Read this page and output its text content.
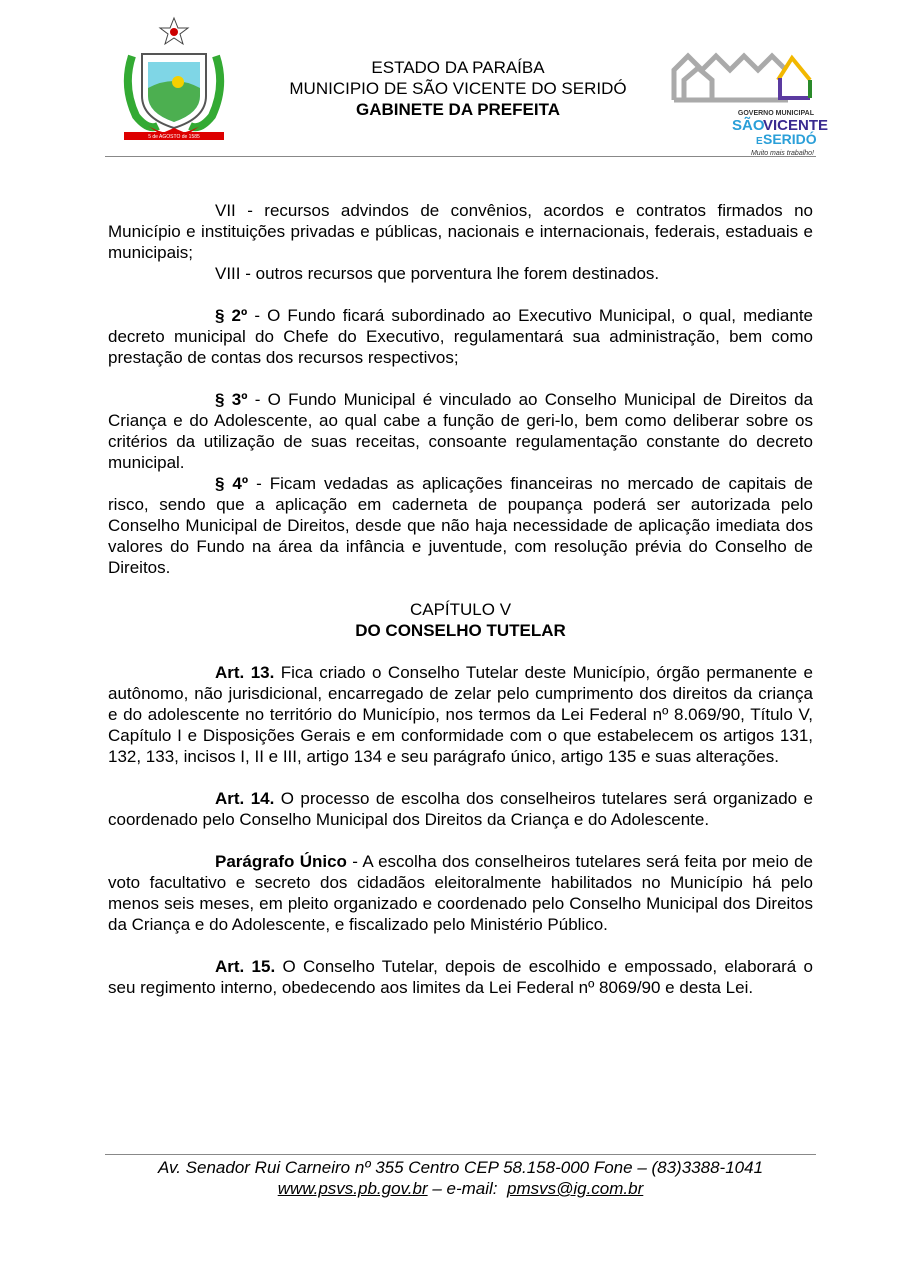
5 de AGOSTO de 1585
ESTADO DA PARAÍBA
MUNICIPIO DE SÃO VICENTE DO SERIDÓ
GABINETE DA PREFEITA	GOVERNO MUNICIPAL
SÃO
VICENTE
E SERIDÓ
Muito mais trabalho!

VII - recursos advindos de convênios, acordos e contratos firmados no Município e instituições privadas e públicas, nacionais e internacionais, federais, estaduais e municipais;

VIII - outros recursos que porventura lhe forem destinados.

§ 2º - O Fundo ficará subordinado ao Executivo Municipal, o qual, mediante decreto municipal do Chefe do Executivo, regulamentará sua administração, bem como prestação de contas dos recursos respectivos;

§ 3º - O Fundo Municipal é vinculado ao Conselho Municipal de Direitos da Criança e do Adolescente, ao qual cabe a função de geri-lo, bem como deliberar sobre os critérios da utilização de suas receitas, consoante regulamentação constante do decreto municipal.

§ 4º - Ficam vedadas as aplicações financeiras no mercado de capitais de risco, sendo que a aplicação em caderneta de poupança poderá ser autorizada pelo Conselho Municipal de Direitos, desde que não haja necessidade de aplicação imediata dos valores do Fundo na área da infância e juventude, com resolução prévia do Conselho de Direitos.

CAPÍTULO V

DO CONSELHO TUTELAR

Art. 13. Fica criado o Conselho Tutelar deste Município, órgão permanente e autônomo, não jurisdicional, encarregado de zelar pelo cumprimento dos direitos da criança e do adolescente no território do Município, nos termos da Lei Federal nº 8.069/90, Título V, Capítulo I e Disposições Gerais e em conformidade com o que estabelecem os artigos 131, 132, 133, incisos I, II e III, artigo 134 e seu parágrafo único, artigo 135 e suas alterações.

Art. 14. O processo de escolha dos conselheiros tutelares será organizado e coordenado pelo Conselho Municipal dos Direitos da Criança e do Adolescente.

Parágrafo Único - A escolha dos conselheiros tutelares será feita por meio de voto facultativo e secreto dos cidadãos eleitoralmente habilitados no Município há pelo menos seis meses, em pleito organizado e coordenado pelo Conselho Municipal dos Direitos da Criança e do Adolescente, e fiscalizado pelo Ministério Público.

Art. 15. O Conselho Tutelar, depois de escolhido e empossado, elaborará o seu regimento interno, obedecendo aos limites da Lei Federal nº 8069/90 e desta Lei.

Av. Senador Rui Carneiro nº 355 Centro CEP 58.158-000 Fone – (83)3388-1041
www.psvs.pb.gov.br – e-mail:  pmsvs@ig.com.br
